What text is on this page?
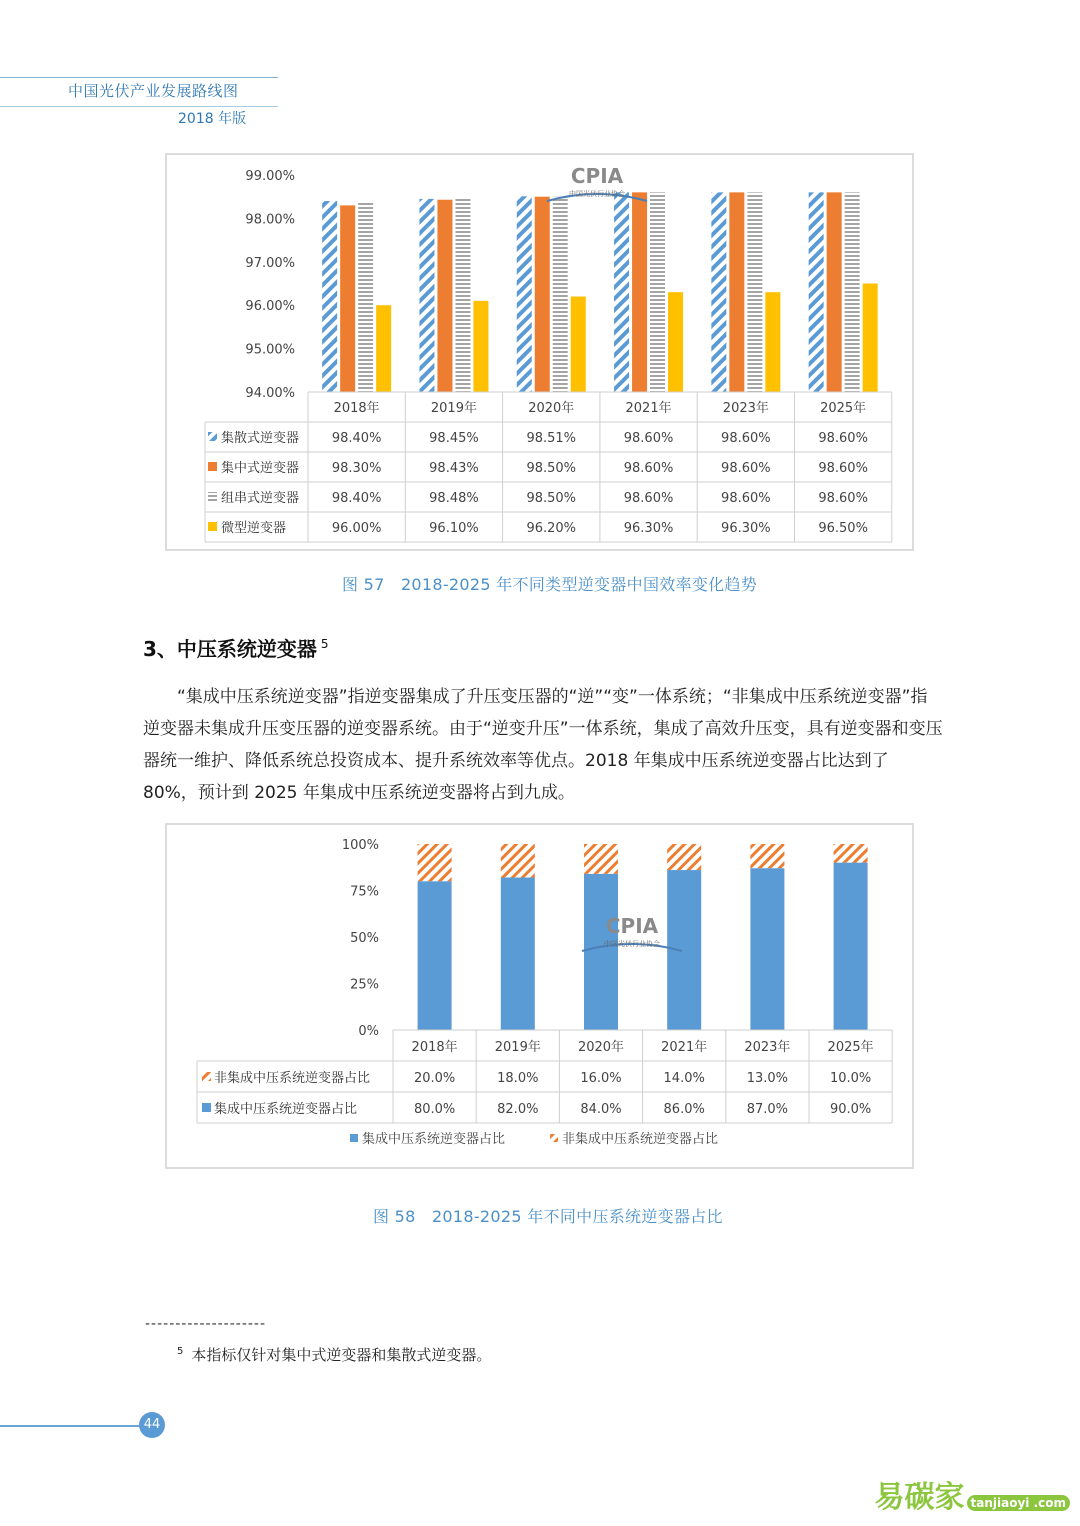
中国光伏产业发展路线图
2018 年版
99.00%
98.00%
97.00%
96.00%
95.00%
94.00%
CPIA
中国光伏行业协会
2018年	2019年	2020年	2021年	2023年	2025年
集散式逆变器	98.40%	98.45%	98.51%	98.60%	98.60%	98.60%
集中式逆变器	98.30%	98.43%	98.50%	98.60%	98.60%	98.60%
组串式逆变器	98.40%	98.48%	98.50%	98.60%	98.60%	98.60%
微型逆变器	96.00%	96.10%	96.20%	96.30%	96.30%	96.50%
图 57　2018-2025 年不同类型逆变器中国效率变化趋势
3、中压系统逆变器 $^5$

“集成中压系统逆变器”指逆变器集成了升压变压器的“逆”“变”一体系统；“非集成中压系统逆变器”指逆变器未集成升压变压器的逆变器系统。由于“逆变升压”一体系统，集成了高效升压变，具有逆变器和变压器统一维护、降低系统总投资成本、提升系统效率等优点。2018 年集成中压系统逆变器占比达到了 80%，预计到 2025 年集成中压系统逆变器将占到九成。

100%
75%
50%
25%
0%
CPIA
中国光伏行业协会
2018年	2019年	2020年	2021年	2023年	2025年
非集成中压系统逆变器占比	20.0%	18.0%	16.0%	14.0%	13.0%	10.0%
集成中压系统逆变器占比	80.0%	82.0%	84.0%	86.0%	87.0%	90.0%
集成中压系统逆变器占比	非集成中压系统逆变器占比
图 58　2018-2025 年不同中压系统逆变器占比
--------------------
$^5$ 本指标仅针对集中式逆变器和集散式逆变器。
44
易碳家 tanjiaoyi .com
